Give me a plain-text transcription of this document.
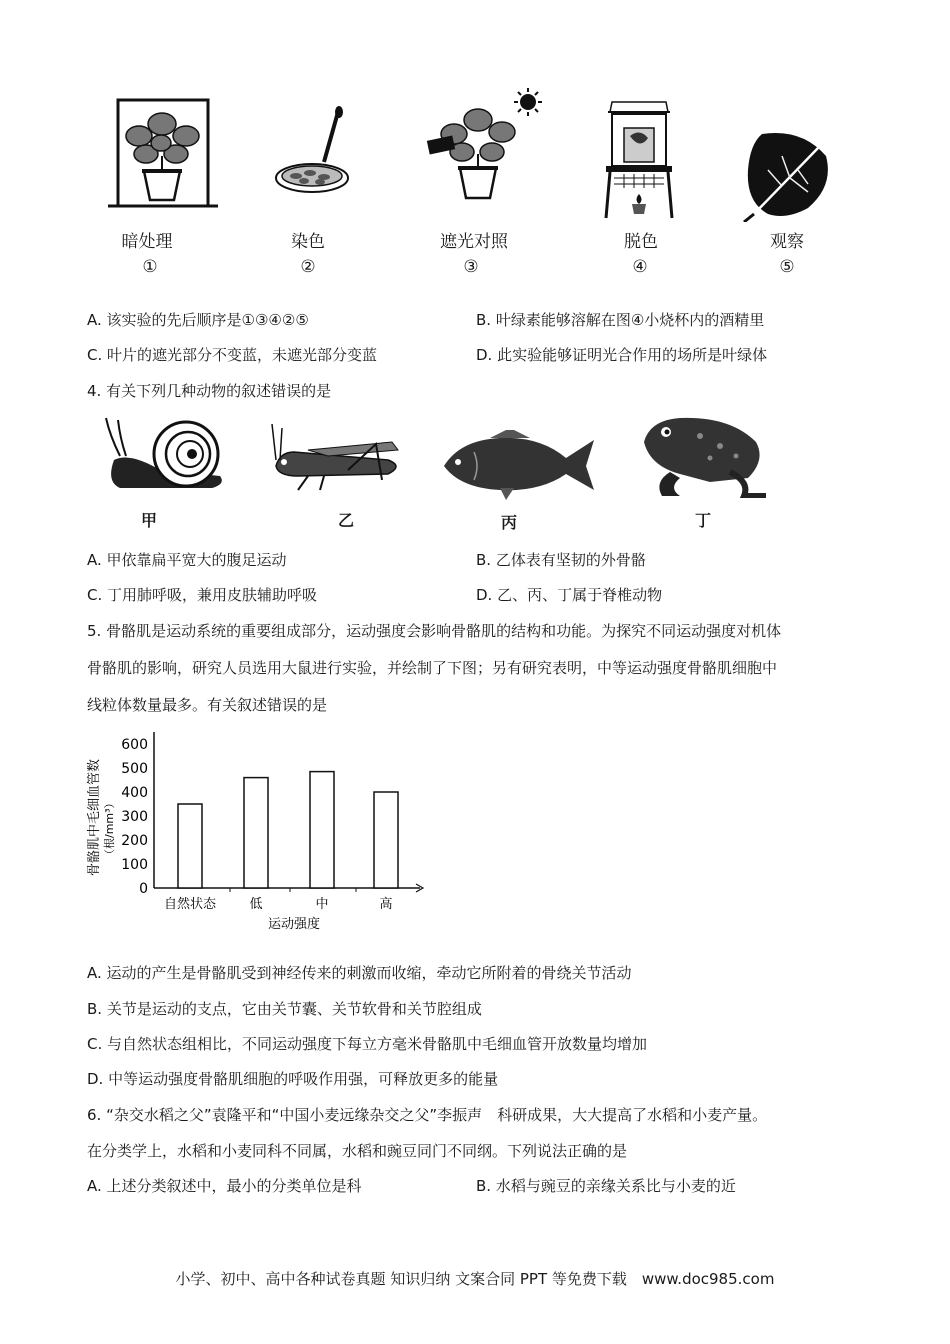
暗处理	染色	遮光对照	脱色	观察
①	②	③	④	⑤
A. 该实验的先后顺序是①③④②⑤	B. 叶绿素能够溶解在图④小烧杯内的酒精里
C. 叶片的遮光部分不变蓝，未遮光部分变蓝	D. 此实验能够证明光合作用的场所是叶绿体
4. 有关下列几种动物的叙述错误的是
甲	乙	丙	丁
A. 甲依靠扁平宽大的腹足运动	B. 乙体表有坚韧的外骨骼
C. 丁用肺呼吸，兼用皮肤辅助呼吸	D. 乙、丙、丁属于脊椎动物
5. 骨骼肌是运动系统的重要组成部分，运动强度会影响骨骼肌的结构和功能。为探究不同运动强度对机体
骨骼肌的影响，研究人员选用大鼠进行实验，并绘制了下图；另有研究表明，中等运动强度骨骼肌细胞中
线粒体数量最多。有关叙述错误的是
骨骼肌中毛细血管数 （根/mm³）
0
100
200
300
400
500
600
自然状态	低	中	高
运动强度
A. 运动的产生是骨骼肌受到神经传来的刺激而收缩，牵动它所附着的骨绕关节活动
B. 关节是运动的支点，它由关节囊、关节软骨和关节腔组成
C. 与自然状态组相比，不同运动强度下每立方毫米骨骼肌中毛细血管开放数量均增加
D. 中等运动强度骨骼肌细胞的呼吸作用强，可释放更多的能量
6. “杂交水稻之父”袁隆平和“中国小麦远缘杂交之父”李振声　科研成果，大大提高了水稻和小麦产量。
在分类学上，水稻和小麦同科不同属，水稻和豌豆同门不同纲。下列说法正确的是
A. 上述分类叙述中，最小的分类单位是科	B. 水稻与豌豆的亲缘关系比与小麦的近
小学、初中、高中各种试卷真题 知识归纳 文案合同 PPT 等免费下载　www.doc985.com
